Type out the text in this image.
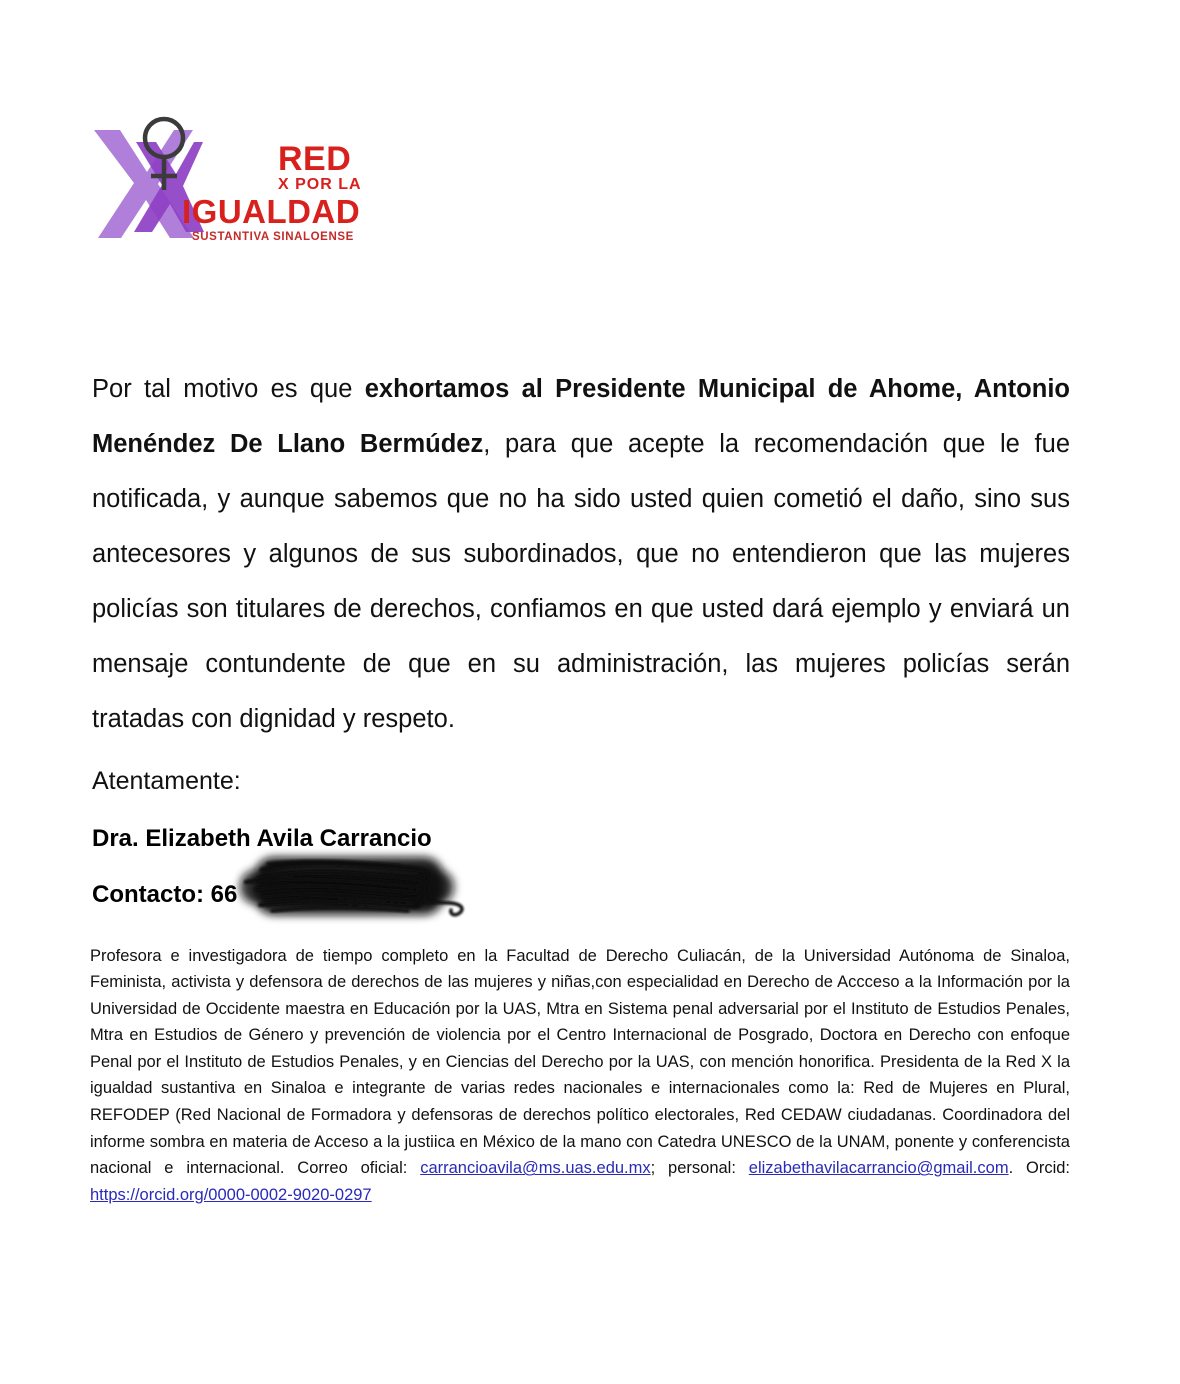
RED
X POR LA
IGUALDAD
SUSTANTIVA SINALOENSE

Por tal motivo es que exhortamos al Presidente Municipal de Ahome, Antonio Menéndez De Llano Bermúdez, para que acepte la recomendación que le fue notificada, y aunque sabemos que no ha sido usted quien cometió el daño, sino sus antecesores y algunos de sus subordinados, que no entendieron que las mujeres policías son titulares de derechos, confiamos en que usted dará ejemplo y enviará un mensaje contundente de que en su administración, las mujeres policías serán tratadas con dignidad y respeto.

Atentamente:

Dra. Elizabeth Avila Carrancio

Contacto: 66

Profesora e investigadora de tiempo completo en la Facultad de Derecho Culiacán, de la Universidad Autónoma de Sinaloa, Feminista, activista y defensora de derechos de las mujeres y niñas,con especialidad en Derecho de Accceso a la Información por la Universidad de Occidente maestra en Educación por la UAS, Mtra en Sistema penal adversarial por el Instituto de Estudios Penales, Mtra en Estudios de Género y prevención de violencia por el Centro Internacional de Posgrado, Doctora en Derecho con enfoque Penal por el Instituto de Estudios Penales, y en Ciencias del Derecho por la UAS, con mención honorifica. Presidenta de la Red X la igualdad sustantiva en Sinaloa e integrante de varias redes nacionales e internacionales como la: Red de Mujeres en Plural, REFODEP (Red Nacional de Formadora y defensoras de derechos político electorales, Red CEDAW ciudadanas. Coordinadora del informe sombra en materia de Acceso a la justiica en México de la mano con Catedra UNESCO de la UNAM, ponente y conferencista nacional e internacional. Correo oficial: carrancioavila@ms.uas.edu.mx; personal: elizabethavilacarrancio@gmail.com. Orcid: https://orcid.org/0000-0002-9020-0297
